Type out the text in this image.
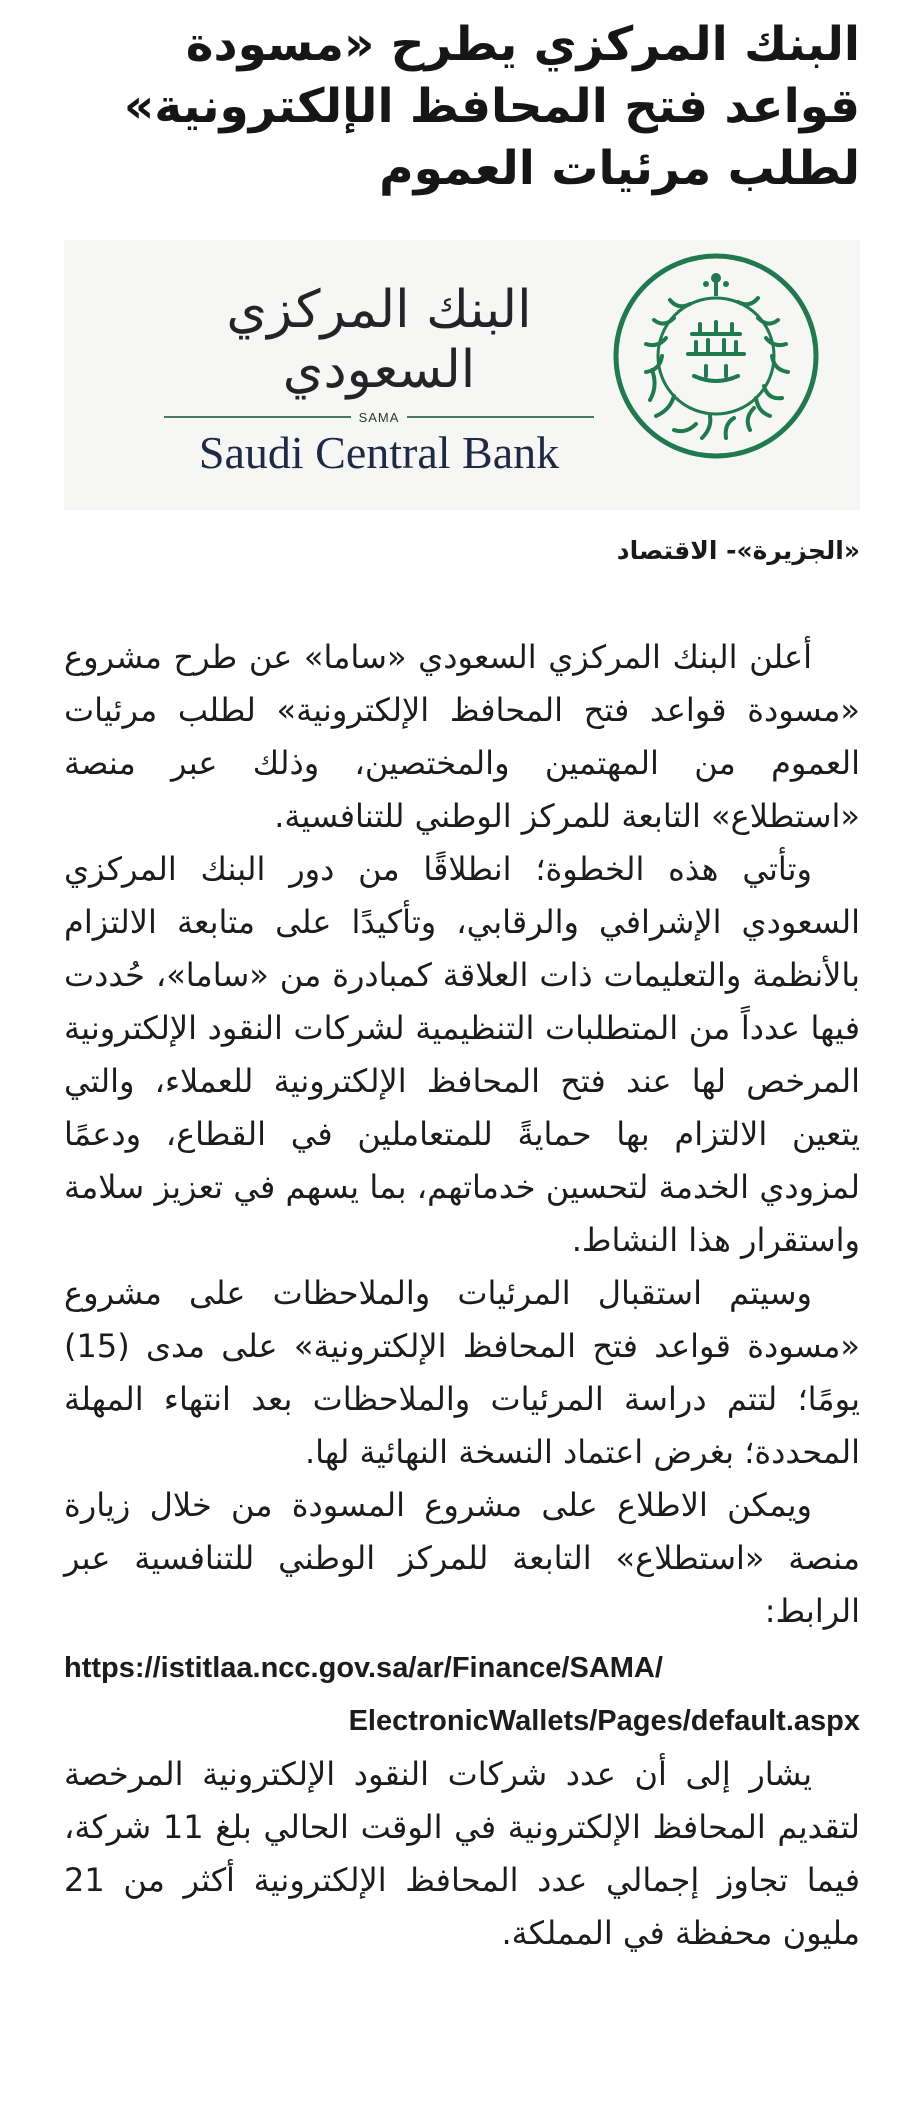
البنك المركزي يطرح «مسودة قواعد فتح المحافظ الإلكترونية» لطلب مرئيات العموم
البنك المركزي السعودي
SAMA
Saudi Central Bank
«الجزيرة»- الاقتصاد

أعلن البنك المركزي السعودي «ساما» عن طرح مشروع «مسودة قواعد فتح المحافظ الإلكترونية» لطلب مرئيات العموم من المهتمين والمختصين، وذلك عبر منصة «استطلاع» التابعة للمركز الوطني للتنافسية.

وتأتي هذه الخطوة؛ انطلاقًا من دور البنك المركزي السعودي الإشرافي والرقابي، وتأكيدًا على متابعة الالتزام بالأنظمة والتعليمات ذات العلاقة كمبادرة من «ساما»، حُددت فيها عدداً من المتطلبات التنظيمية لشركات النقود الإلكترونية المرخص لها عند فتح المحافظ الإلكترونية للعملاء، والتي يتعين الالتزام بها حمايةً للمتعاملين في القطاع، ودعمًا لمزودي الخدمة لتحسين خدماتهم، بما يسهم في تعزيز سلامة واستقرار هذا النشاط.

وسيتم استقبال المرئيات والملاحظات على مشروع «مسودة قواعد فتح المحافظ الإلكترونية» على مدى (15) يومًا؛ لتتم دراسة المرئيات والملاحظات بعد انتهاء المهلة المحددة؛ بغرض اعتماد النسخة النهائية لها.

ويمكن الاطلاع على مشروع المسودة من خلال زيارة منصة «استطلاع» التابعة للمركز الوطني للتنافسية عبر الرابط:

https://istitlaa.ncc.gov.sa/ar/Finance/SAMA/
ElectronicWallets/Pages/default.aspx

يشار إلى أن عدد شركات النقود الإلكترونية المرخصة لتقديم المحافظ الإلكترونية في الوقت الحالي بلغ 11 شركة، فيما تجاوز إجمالي عدد المحافظ الإلكترونية أكثر من 21 مليون محفظة في المملكة.
